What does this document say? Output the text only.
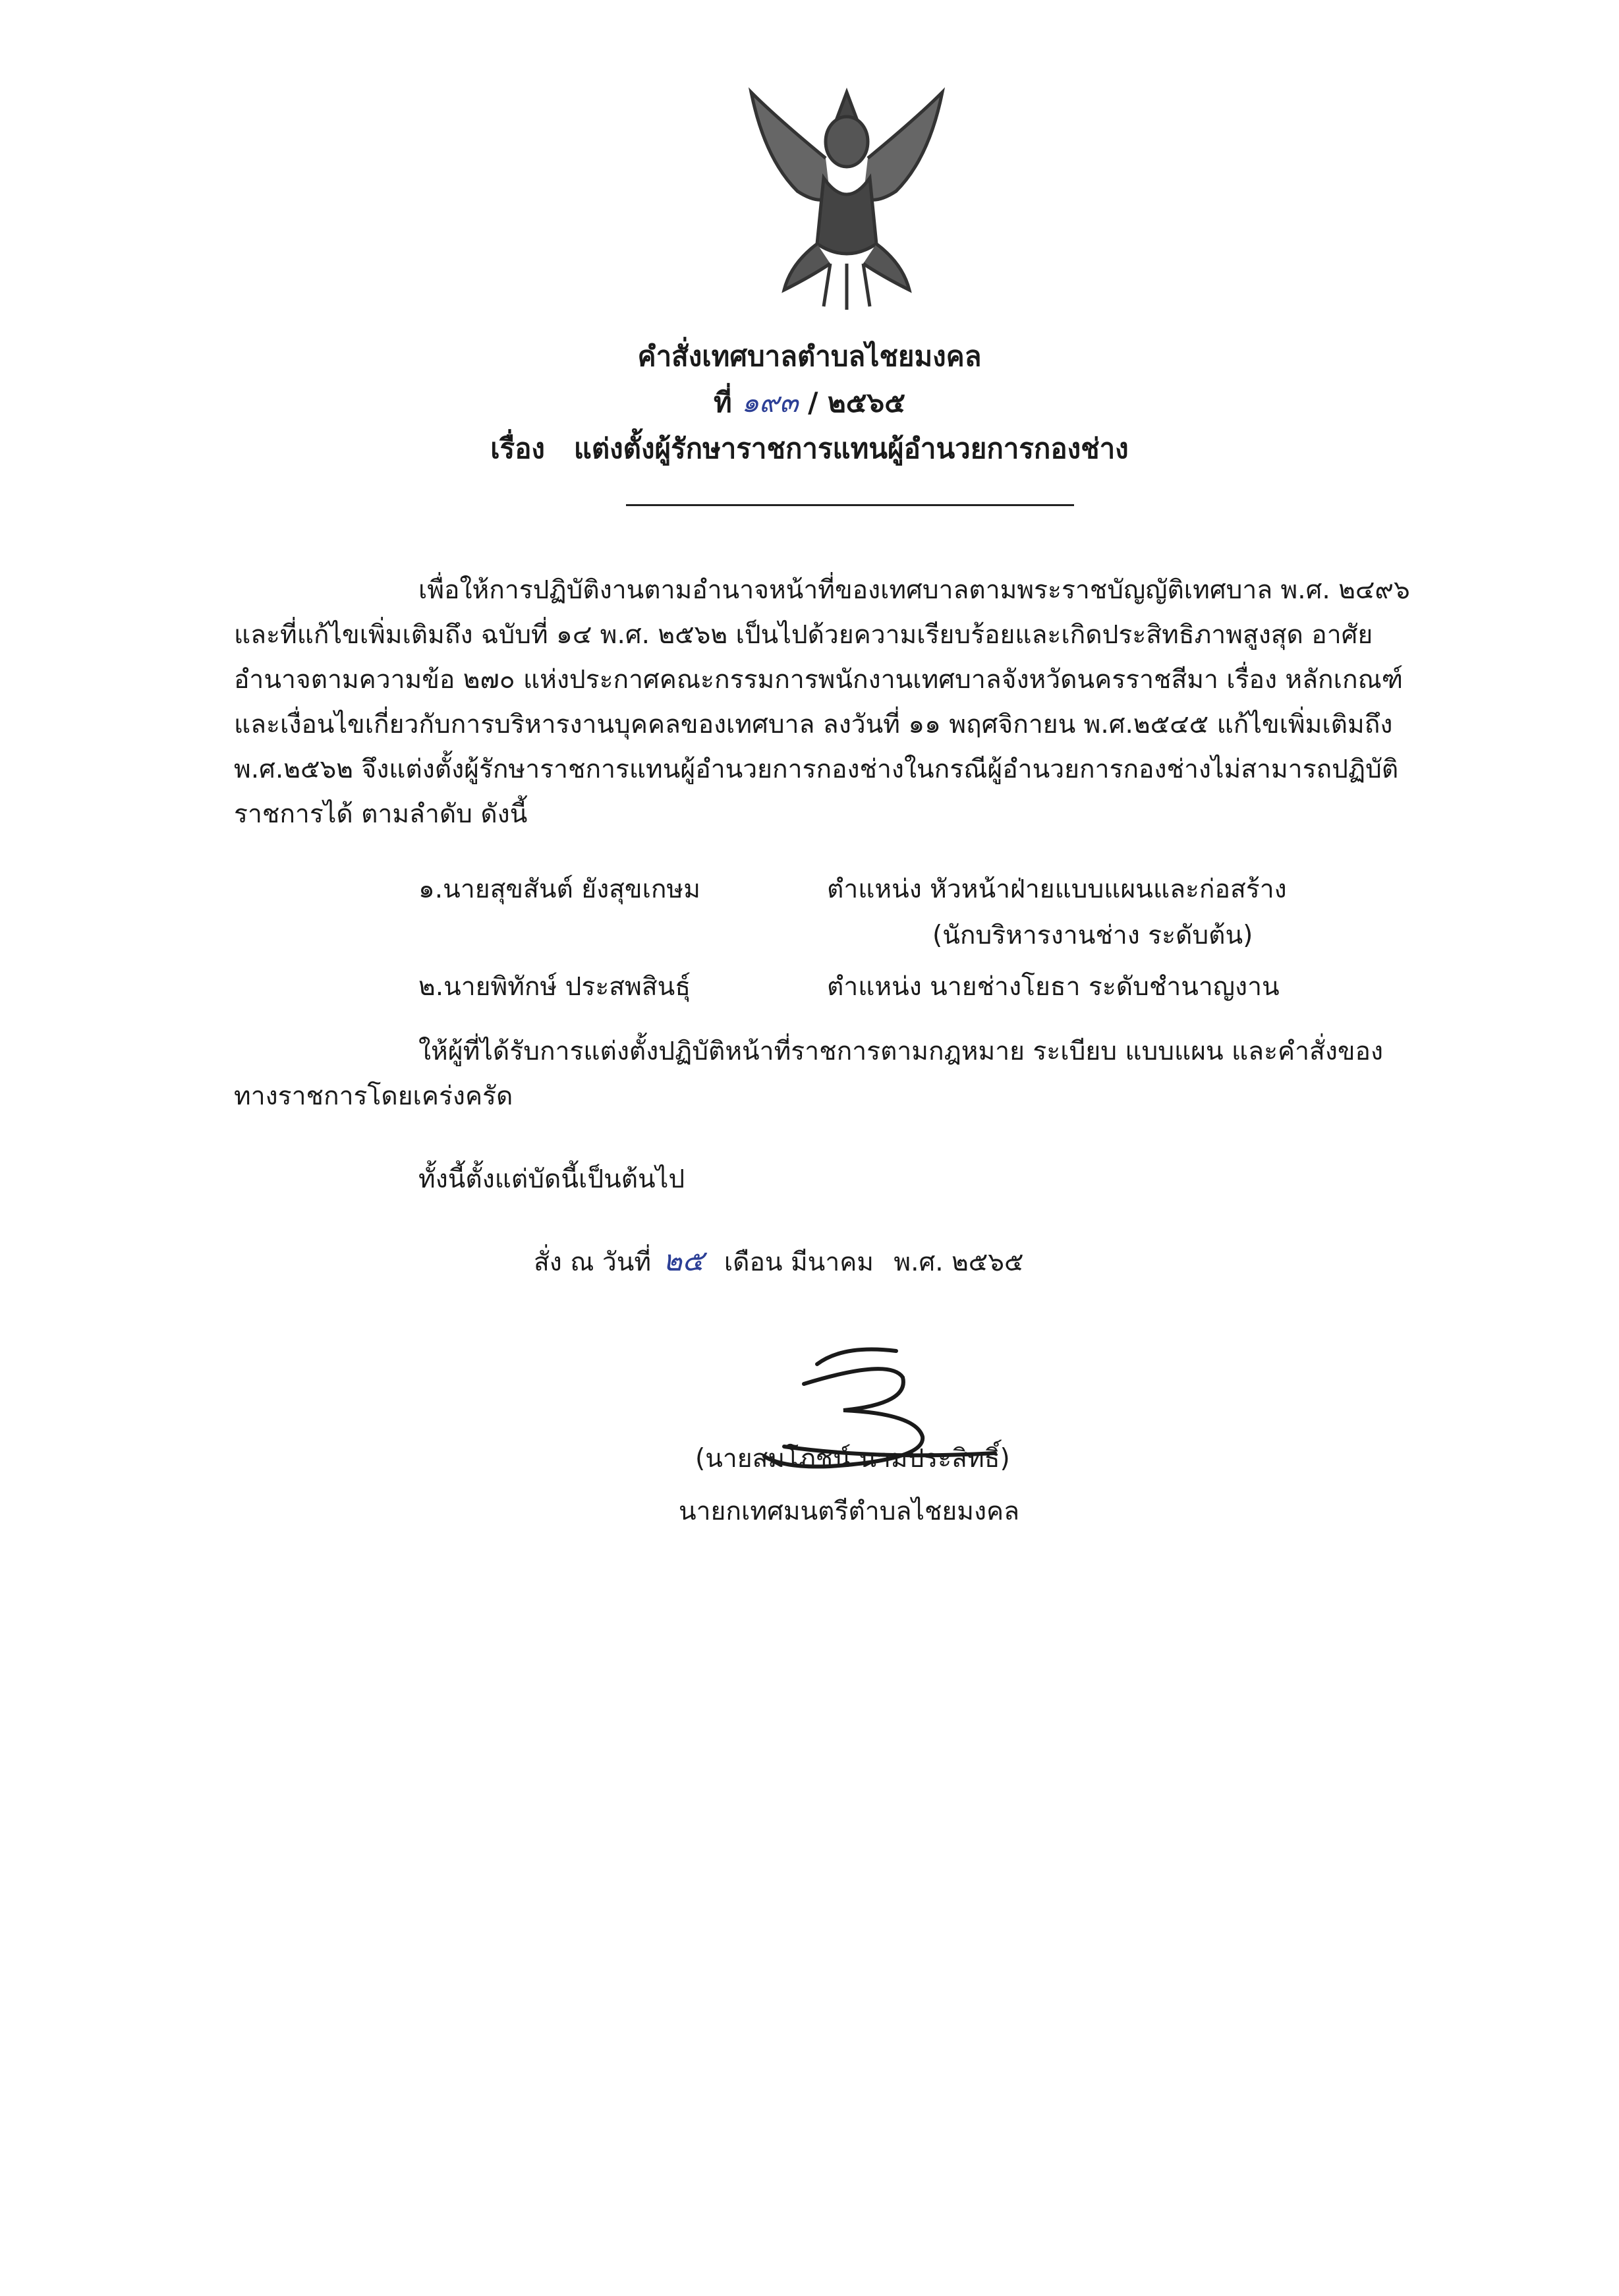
คำสั่งเทศบาลตำบลไชยมงคล
ที่ ๑๙๓ / ๒๕๖๕
เรื่อง แต่งตั้งผู้รักษาราชการแทนผู้อำนวยการกองช่าง
เพื่อให้การปฏิบัติงานตามอำนาจหน้าที่ของเทศบาลตามพระราชบัญญัติเทศบาล พ.ศ. ๒๔๙๖
และที่แก้ไขเพิ่มเติมถึง ฉบับที่ ๑๔ พ.ศ. ๒๕๖๒ เป็นไปด้วยความเรียบร้อยและเกิดประสิทธิภาพสูงสุด อาศัย
อำนาจตามความข้อ ๒๗๐ แห่งประกาศคณะกรรมการพนักงานเทศบาลจังหวัดนครราชสีมา เรื่อง หลักเกณฑ์
และเงื่อนไขเกี่ยวกับการบริหารงานบุคคลของเทศบาล ลงวันที่ ๑๑ พฤศจิกายน พ.ศ.๒๕๔๕ แก้ไขเพิ่มเติมถึง
พ.ศ.๒๕๖๒ จึงแต่งตั้งผู้รักษาราชการแทนผู้อำนวยการกองช่างในกรณีผู้อำนวยการกองช่างไม่สามารถปฏิบัติ
ราชการได้ ตามลำดับ ดังนี้
๑.นายสุขสันต์ ยังสุขเกษม	ตำแหน่ง หัวหน้าฝ่ายแบบแผนและก่อสร้าง
(นักบริหารงานช่าง ระดับต้น)
๒.นายพิทักษ์ ประสพสินธุ์	ตำแหน่ง นายช่างโยธา ระดับชำนาญงาน
ให้ผู้ที่ได้รับการแต่งตั้งปฏิบัติหน้าที่ราชการตามกฎหมาย ระเบียบ แบบแผน และคำสั่งของ
ทางราชการโดยเคร่งครัด
ทั้งนี้ตั้งแต่บัดนี้เป็นต้นไป
สั่ง ณ วันที่ ๒๕ เดือน มีนาคม พ.ศ. ๒๕๖๕
(นายสมโภชน์ นามประสิทธิ์)
นายกเทศมนตรีตำบลไชยมงคล
